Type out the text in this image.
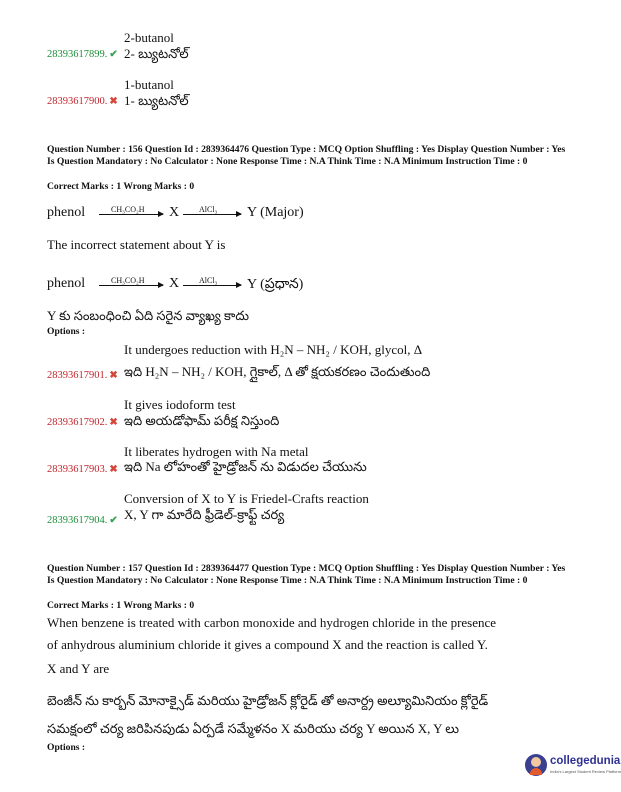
2-butanol
2- బ్యుటనోల్
28393617899. ✔
1-butanol
1- బ్యుటనోల్
28393617900. ✖
Question Number : 156 Question Id : 2839364476 Question Type : MCQ Option Shuffling : Yes Display Question Number : Yes Is Question Mandatory : No Calculator : None Response Time : N.A Think Time : N.A Minimum Instruction Time : 0
Correct Marks : 1 Wrong Marks : 0
phenol	CH₃CO₂H X AlCl₃ Y (Major)
The incorrect statement about Y is
phenol	CH₃CO₂H X AlCl₃ Y (ప్రధాన)
Y కు సంబంధించి ఏది సరైన వ్యాఖ్య కాదు
Options :
It undergoes reduction with H₂N – NH₂ / KOH, glycol, Δ
ఇది H₂N – NH₂ / KOH, గ్లైకాల్, Δ తో క్షయకరణం చెందుతుంది
28393617901. ✖
It gives iodoform test
ఇది అయడోఫామ్ పరీక్ష నిస్తుంది
28393617902. ✖
It liberates hydrogen with Na metal
ఇది Na లోహంతో హైడ్రోజన్ ను విడుదల చేయును
28393617903. ✖
Conversion of X to Y is Friedel-Crafts reaction
X, Y గా మారేది ఫ్రీడెల్-క్రాఫ్ట్ చర్య
28393617904. ✔
Question Number : 157 Question Id : 2839364477 Question Type : MCQ Option Shuffling : Yes Display Question Number : Yes Is Question Mandatory : No Calculator : None Response Time : N.A Think Time : N.A Minimum Instruction Time : 0
Correct Marks : 1 Wrong Marks : 0
When benzene is treated with carbon monoxide and hydrogen chloride in the presence
of anhydrous aluminium chloride it gives a compound X and the reaction is called Y.
X and Y are
బెంజీన్ ను కార్బన్ మోనాక్సైడ్ మరియు హైడ్రోజన్ క్లోరైడ్ తో అనార్ద్ర అల్యూమినియం క్లోరైడ్
సమక్షంలో చర్య జరిపినపుడు ఏర్పడే సమ్మేళనం X మరియు చర్య Y అయిన X, Y లు
Options :
collegedunia
India's Largest Student Review Platform
